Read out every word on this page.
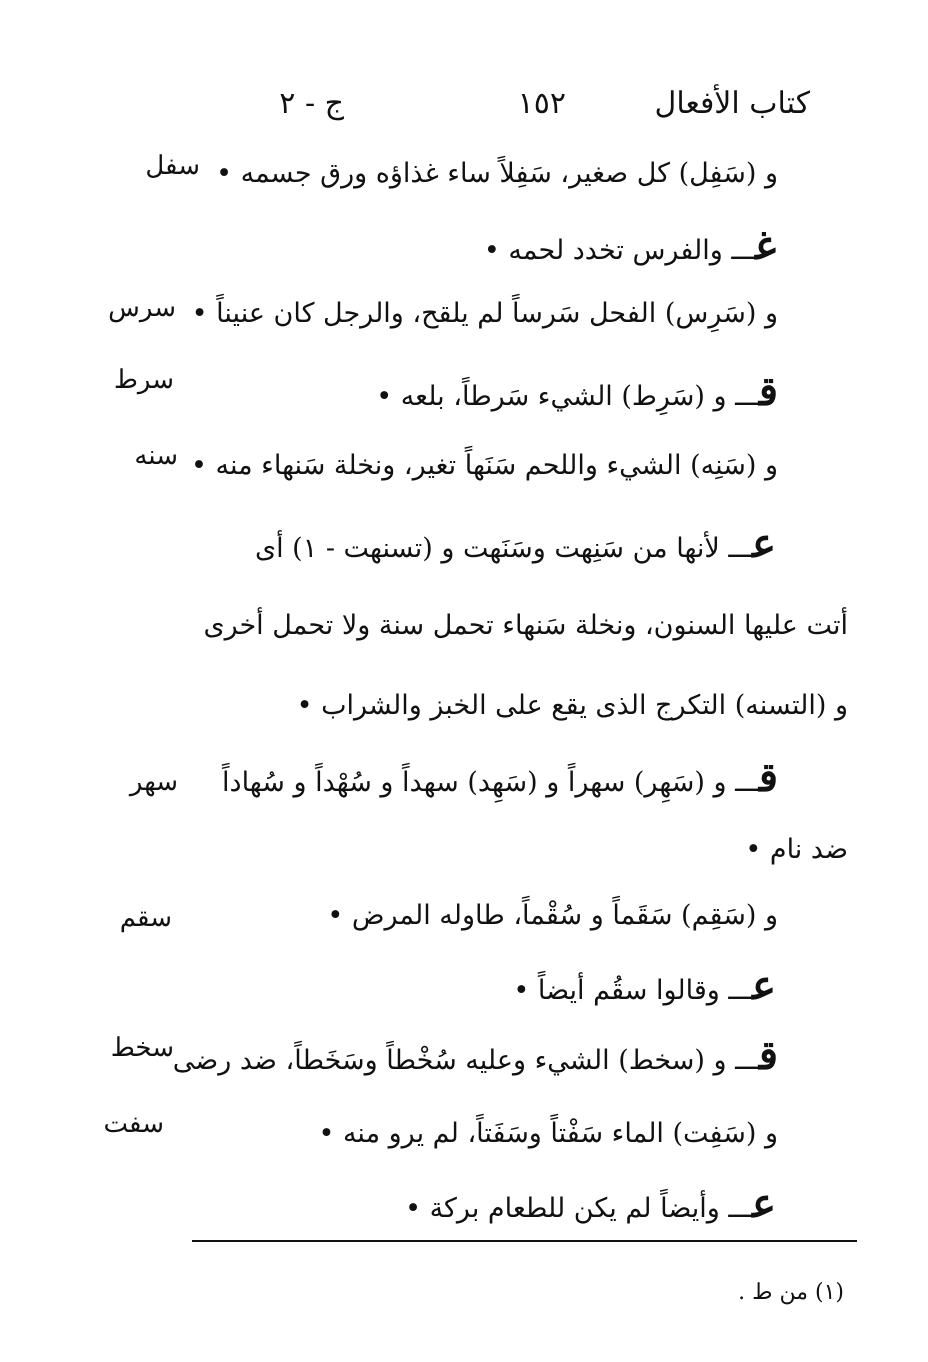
كتاب الأفعال
١٥٢
ج - ٢
و (سَفِل) كل صغير، سَفِلاً ساء غذاؤه ورق جسمه •
غـــ والفرس تخدد لحمه •
و (سَرِس) الفحل سَرساً لم يلقح، والرجل كان عنيناً •
قـــ و (سَرِط) الشيء سَرطاً، بلعه •
و (سَنِه) الشيء واللحم سَنَهاً تغير، ونخلة سَنهاء منه •
عـــ لأنها من سَنِهت وسَنَهت و (تسنهت - ١) أى
أتت عليها السنون، ونخلة سَنهاء تحمل سنة ولا تحمل أخرى
و (التسنه) التكرج الذى يقع على الخبز والشراب •
قـــ و (سَهِر) سهراً و (سَهِد) سهداً و سُهْداً و سُهاداً
ضد نام •
و (سَقِم) سَقَماً و سُقْماً، طاوله المرض •
عـــ وقالوا سقُم أيضاً •
قـــ و (سخط) الشيء وعليه سُخْطاً وسَخَطاً، ضد رضى
و (سَفِت) الماء سَفْتاً وسَفَتاً، لم يرو منه •
عـــ وأيضاً لم يكن للطعام بركة •
سفل
سرس
سرط
سنه
سهر
سقم
سخط
سفت
(١) من ط .
